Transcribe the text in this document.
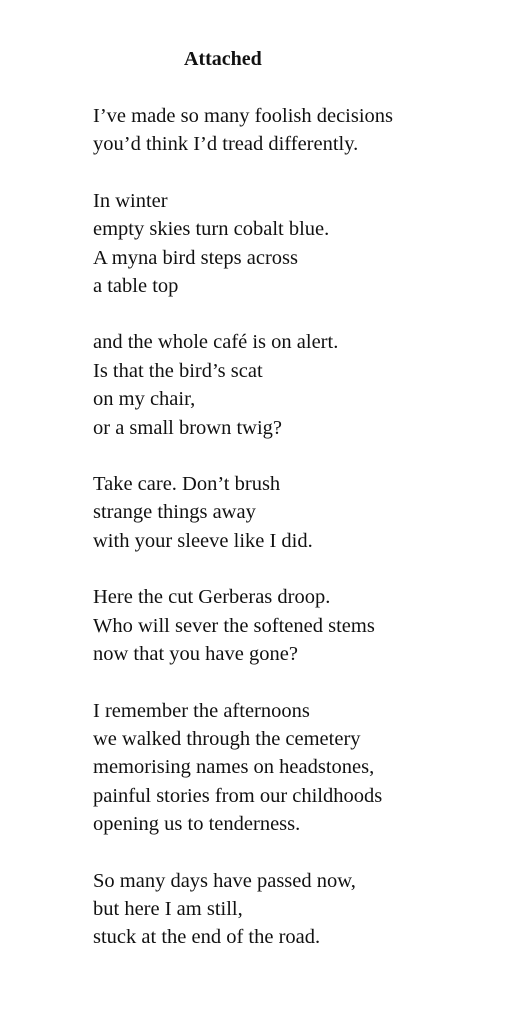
Attached
I’ve made so many foolish decisions
you’d think I’d tread differently.
In winter
empty skies turn cobalt blue.
A myna bird steps across
a table top
and the whole café is on alert.
Is that the bird’s scat
on my chair,
or a small brown twig?
Take care. Don’t brush
strange things away
with your sleeve like I did.
Here the cut Gerberas droop.
Who will sever the softened stems
now that you have gone?
I remember the afternoons
we walked through the cemetery
memorising names on headstones,
painful stories from our childhoods
opening us to tenderness.
So many days have passed now,
but here I am still,
stuck at the end of the road.
